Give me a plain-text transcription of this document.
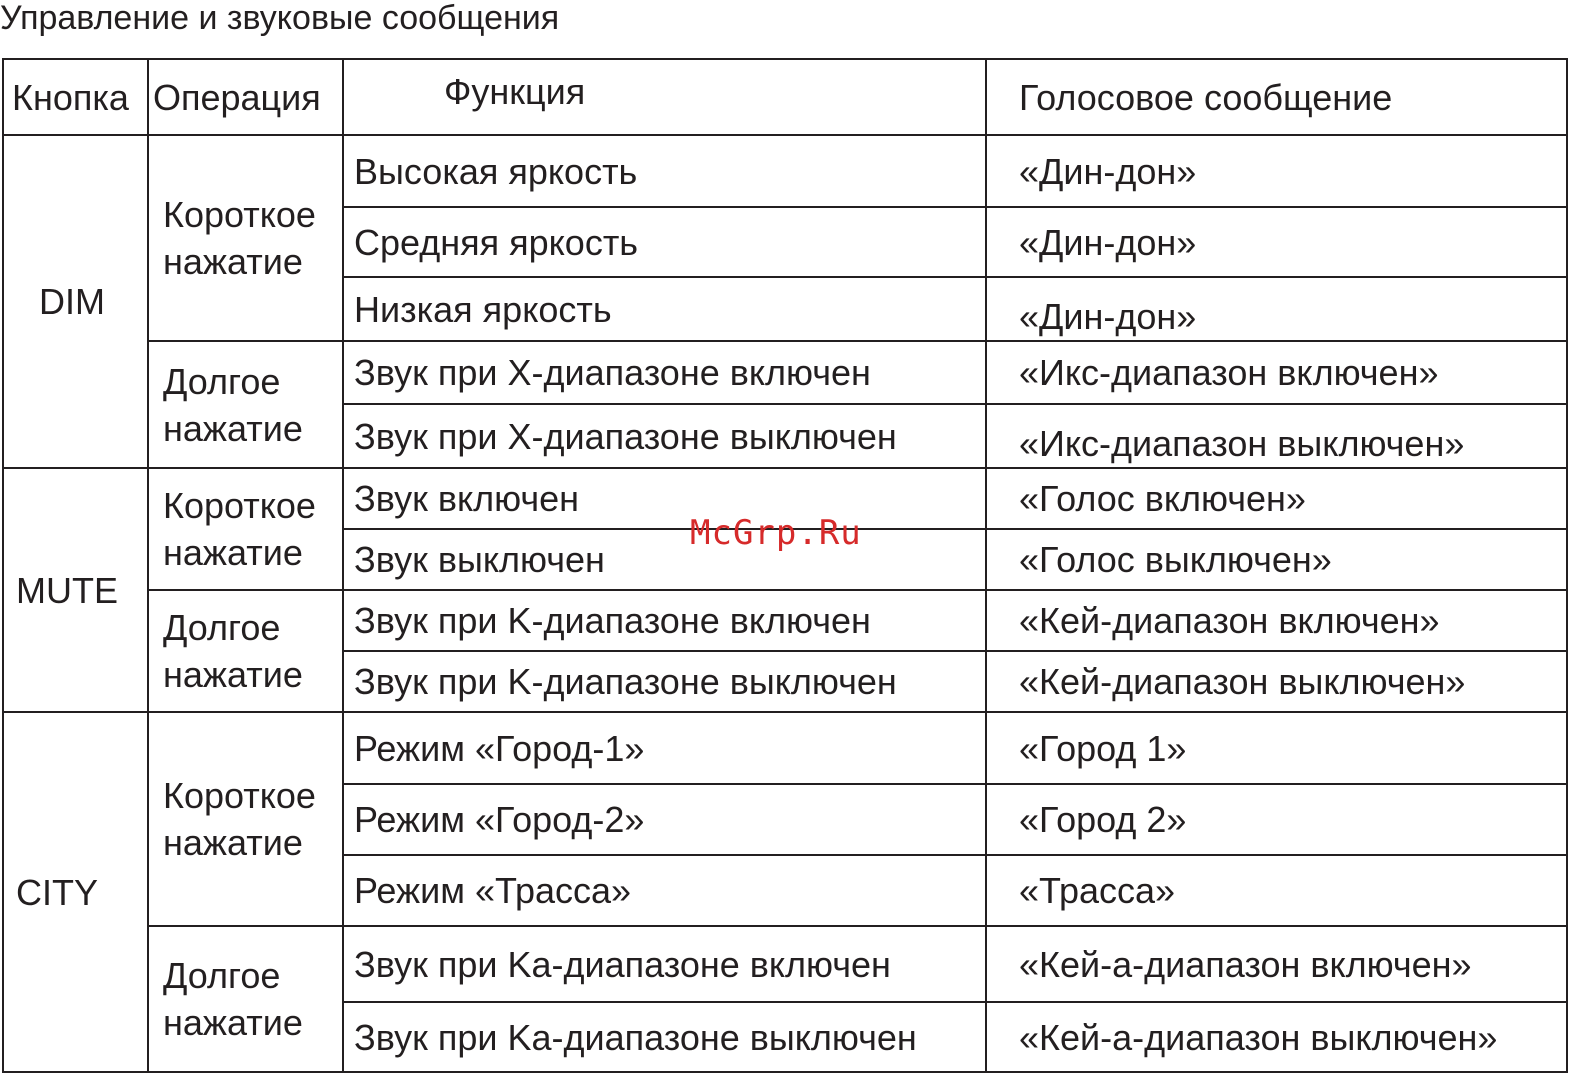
Управление и звуковые сообщения
Кнопка	Операция	Функция	Голосовое сообщение
DIM	Короткое нажатие	Высокая яркость	«Дин-дон»
		Средняя яркость	«Дин-дон»
		Низкая яркость	«Дин-дон»
	Долгое нажатие	Звук при X-диапазоне включен	«Икс-диапазон включен»
		Звук при X-диапазоне выключен	«Икс-диапазон выключен»
MUTE	Короткое нажатие	Звук включен	«Голос включен»
		Звук выключен	«Голос выключен»
	Долгое нажатие	Звук при K-диапазоне включен	«Кей-диапазон включен»
		Звук при K-диапазоне выключен	«Кей-диапазон выключен»
CITY	Короткое нажатие	Режим «Город-1»	«Город 1»
		Режим «Город-2»	«Город 2»
		Режим «Трасса»	«Трасса»
	Долгое нажатие	Звук при Ka-диапазоне включен	«Кей-а-диапазон включен»
		Звук при Ka-диапазоне выключен	«Кей-а-диапазон выключен»
McGrp.Ru
